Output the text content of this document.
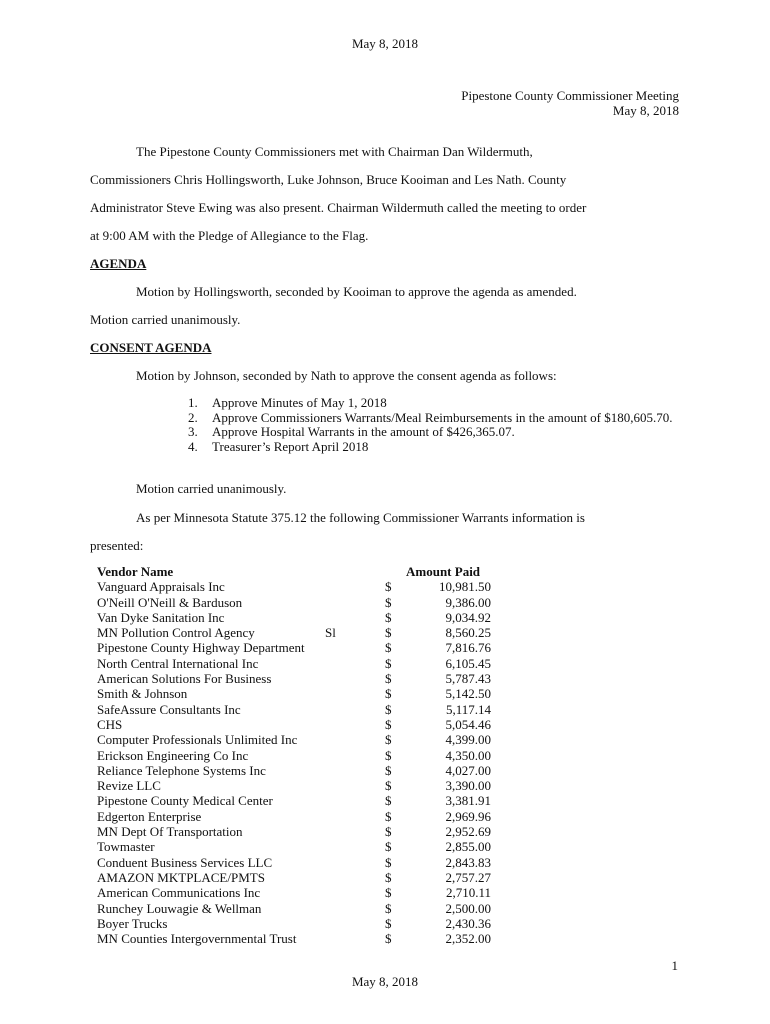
May 8, 2018
Pipestone County Commissioner Meeting
May 8, 2018
The Pipestone County Commissioners met with Chairman Dan Wildermuth,
Commissioners Chris Hollingsworth, Luke Johnson, Bruce Kooiman and Les Nath. County
Administrator Steve Ewing was also present. Chairman Wildermuth called the meeting to order
at 9:00 AM with the Pledge of Allegiance to the Flag.
AGENDA
Motion by Hollingsworth, seconded by Kooiman to approve the agenda as amended.
Motion carried unanimously.
CONSENT AGENDA
Motion by Johnson, seconded by Nath to approve the consent agenda as follows:
1. Approve Minutes of May 1, 2018
2. Approve Commissioners Warrants/Meal Reimbursements in the amount of $180,605.70.
3. Approve Hospital Warrants in the amount of $426,365.07.
4. Treasurer’s Report April 2018
Motion carried unanimously.
As per Minnesota Statute 375.12 the following Commissioner Warrants information is
presented:
Vendor Name	Amount Paid
Vanguard Appraisals Inc	$	10,981.50
O'Neill O'Neill & Barduson	$	9,386.00
Van Dyke Sanitation Inc	$	9,034.92
MN Pollution Control Agency	Sl	$	8,560.25
Pipestone County Highway Department	$	7,816.76
North Central International Inc	$	6,105.45
American Solutions For Business	$	5,787.43
Smith & Johnson	$	5,142.50
SafeAssure Consultants Inc	$	5,117.14
CHS	$	5,054.46
Computer Professionals Unlimited Inc	$	4,399.00
Erickson Engineering Co Inc	$	4,350.00
Reliance Telephone Systems Inc	$	4,027.00
Revize LLC	$	3,390.00
Pipestone County Medical Center	$	3,381.91
Edgerton Enterprise	$	2,969.96
MN Dept Of Transportation	$	2,952.69
Towmaster	$	2,855.00
Conduent Business Services LLC	$	2,843.83
AMAZON MKTPLACE/PMTS	$	2,757.27
American Communications Inc	$	2,710.11
Runchey Louwagie & Wellman	$	2,500.00
Boyer Trucks	$	2,430.36
MN Counties Intergovernmental Trust	$	2,352.00
1
May 8, 2018
